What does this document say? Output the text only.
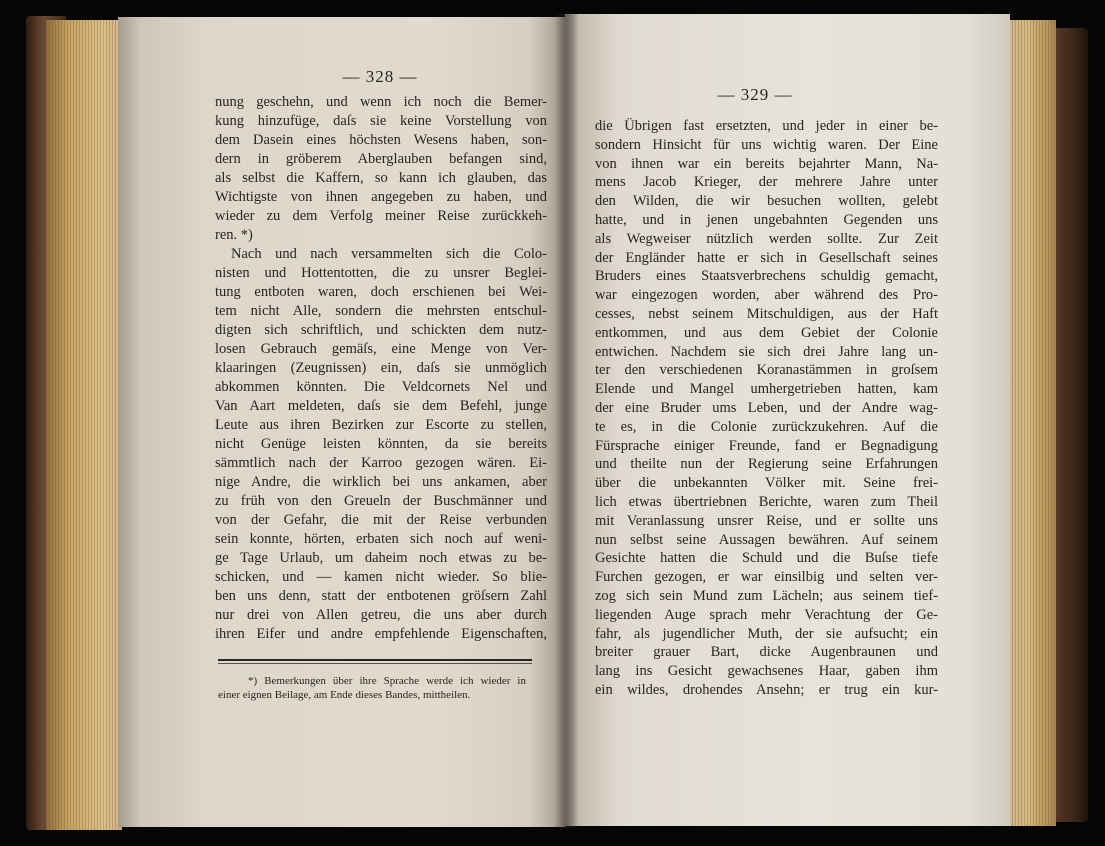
— 328 —
nung geschehn, und wenn ich noch die Bemer-
kung hinzufüge, daſs sie keine Vorstellung von
dem Dasein eines höchsten Wesens haben, son-
dern in gröberem Aberglauben befangen sind,
als selbst die Kaffern, so kann ich glauben, das
Wichtigste von ihnen angegeben zu haben, und
wieder zu dem Verfolg meiner Reise zurückkeh-
ren. *)
Nach und nach versammelten sich die Colo-
nisten und Hottentotten, die zu unsrer Beglei-
tung entboten waren, doch erschienen bei Wei-
tem nicht Alle, sondern die mehrsten entschul-
digten sich schriftlich, und schickten dem nutz-
losen Gebrauch gemäſs, eine Menge von Ver-
klaaringen (Zeugnissen) ein, daſs sie unmöglich
abkommen könnten. Die Veldcornets Nel und
Van Aart meldeten, daſs sie dem Befehl, junge
Leute aus ihren Bezirken zur Escorte zu stellen,
nicht Genüge leisten könnten, da sie bereits
sämmtlich nach der Karroo gezogen wären. Ei-
nige Andre, die wirklich bei uns ankamen, aber
zu früh von den Greueln der Buschmänner und
von der Gefahr, die mit der Reise verbunden
sein konnte, hörten, erbaten sich noch auf weni-
ge Tage Urlaub, um daheim noch etwas zu be-
schicken, und — kamen nicht wieder. So blie-
ben uns denn, statt der entbotenen gröſsern Zahl
nur drei von Allen getreu, die uns aber durch
ihren Eifer und andre empfehlende Eigenschaften,
*) Bemerkungen über ihre Sprache werde ich wieder in
einer eignen Beilage, am Ende dieses Bandes, mittheilen.
— 329 —
die Übrigen fast ersetzten, und jeder in einer be-
sondern Hinsicht für uns wichtig waren. Der Eine
von ihnen war ein bereits bejahrter Mann, Na-
mens Jacob Krieger, der mehrere Jahre unter
den Wilden, die wir besuchen wollten, gelebt
hatte, und in jenen ungebahnten Gegenden uns
als Wegweiser nützlich werden sollte. Zur Zeit
der Engländer hatte er sich in Gesellschaft seines
Bruders eines Staatsverbrechens schuldig gemacht,
war eingezogen worden, aber während des Pro-
cesses, nebst seinem Mitschuldigen, aus der Haft
entkommen, und aus dem Gebiet der Colonie
entwichen. Nachdem sie sich drei Jahre lang un-
ter den verschiedenen Koranastämmen in groſsem
Elende und Mangel umhergetrieben hatten, kam
der eine Bruder ums Leben, und der Andre wag-
te es, in die Colonie zurückzukehren. Auf die
Fürsprache einiger Freunde, fand er Begnadigung
und theilte nun der Regierung seine Erfahrungen
über die unbekannten Völker mit. Seine frei-
lich etwas übertriebnen Berichte, waren zum Theil
mit Veranlassung unsrer Reise, und er sollte uns
nun selbst seine Aussagen bewähren. Auf seinem
Gesichte hatten die Schuld und die Buſse tiefe
Furchen gezogen, er war einsilbig und selten ver-
zog sich sein Mund zum Lächeln; aus seinem tief-
liegenden Auge sprach mehr Verachtung der Ge-
fahr, als jugendlicher Muth, der sie aufsucht; ein
breiter grauer Bart, dicke Augenbraunen und
lang ins Gesicht gewachsenes Haar, gaben ihm
ein wildes, drohendes Ansehn; er trug ein kur-
